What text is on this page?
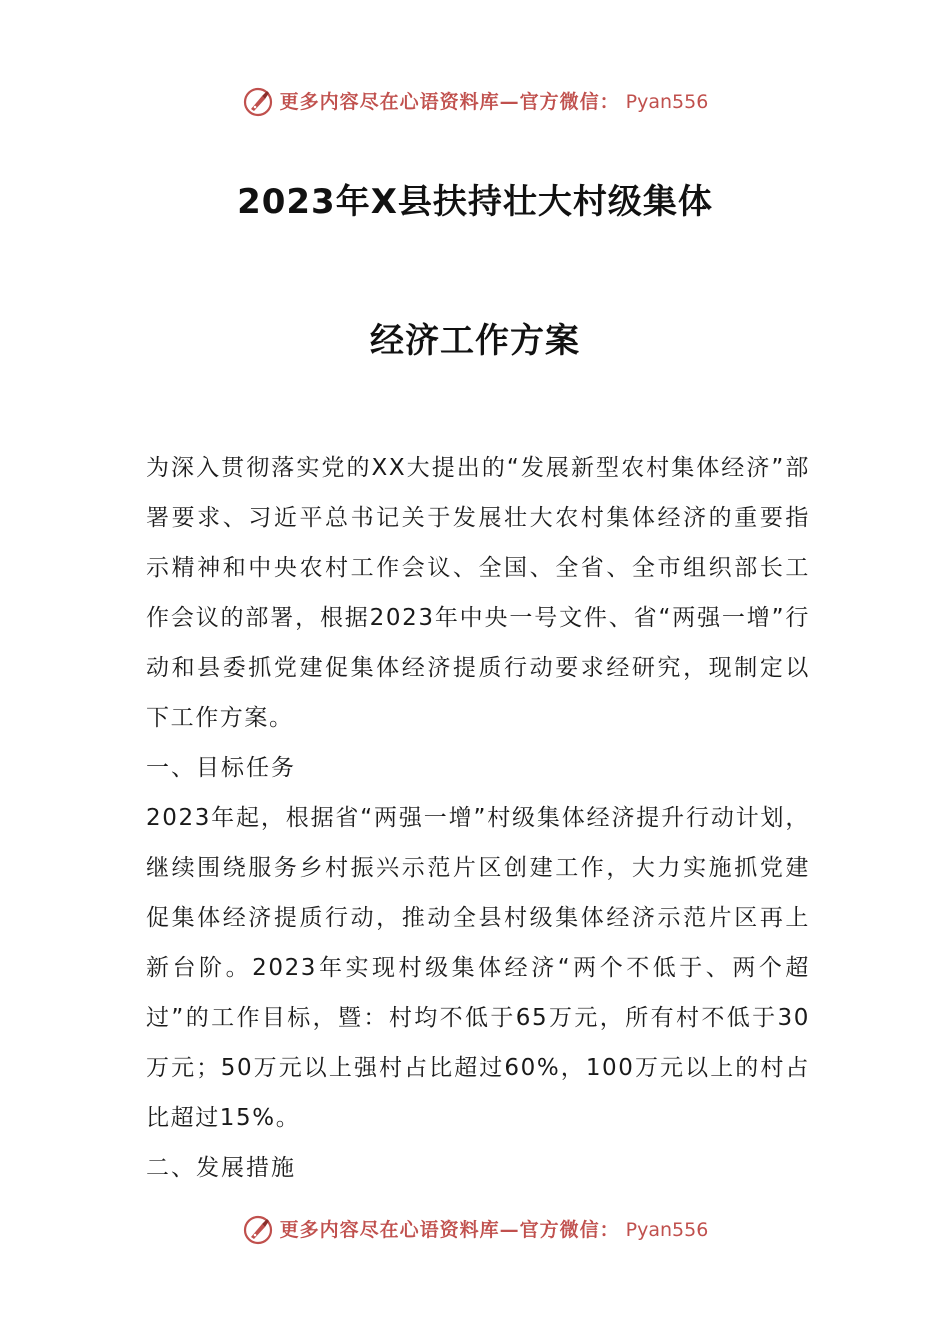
更多内容尽在心语资料库—官方微信： Pyan556
2023年X县扶持壮大村级集体
经济工作方案

为深入贯彻落实党的XX大提出的“发展新型农村集体经济”部署要求、习近平总书记关于发展壮大农村集体经济的重要指示精神和中央农村工作会议、全国、全省、全市组织部长工作会议的部署，根据2023年中央一号文件、省“两强一增”行动和县委抓党建促集体经济提质行动要求经研究，现制定以下工作方案。

一、目标任务

2023年起，根据省“两强一增”村级集体经济提升行动计划，继续围绕服务乡村振兴示范片区创建工作，大力实施抓党建促集体经济提质行动，推动全县村级集体经济示范片区再上新台阶。2023年实现村级集体经济“两个不低于、两个超过”的工作目标，暨：村均不低于65万元，所有村不低于30万元；50万元以上强村占比超过60%，100万元以上的村占比超过15%。

二、发展措施

更多内容尽在心语资料库—官方微信： Pyan556
